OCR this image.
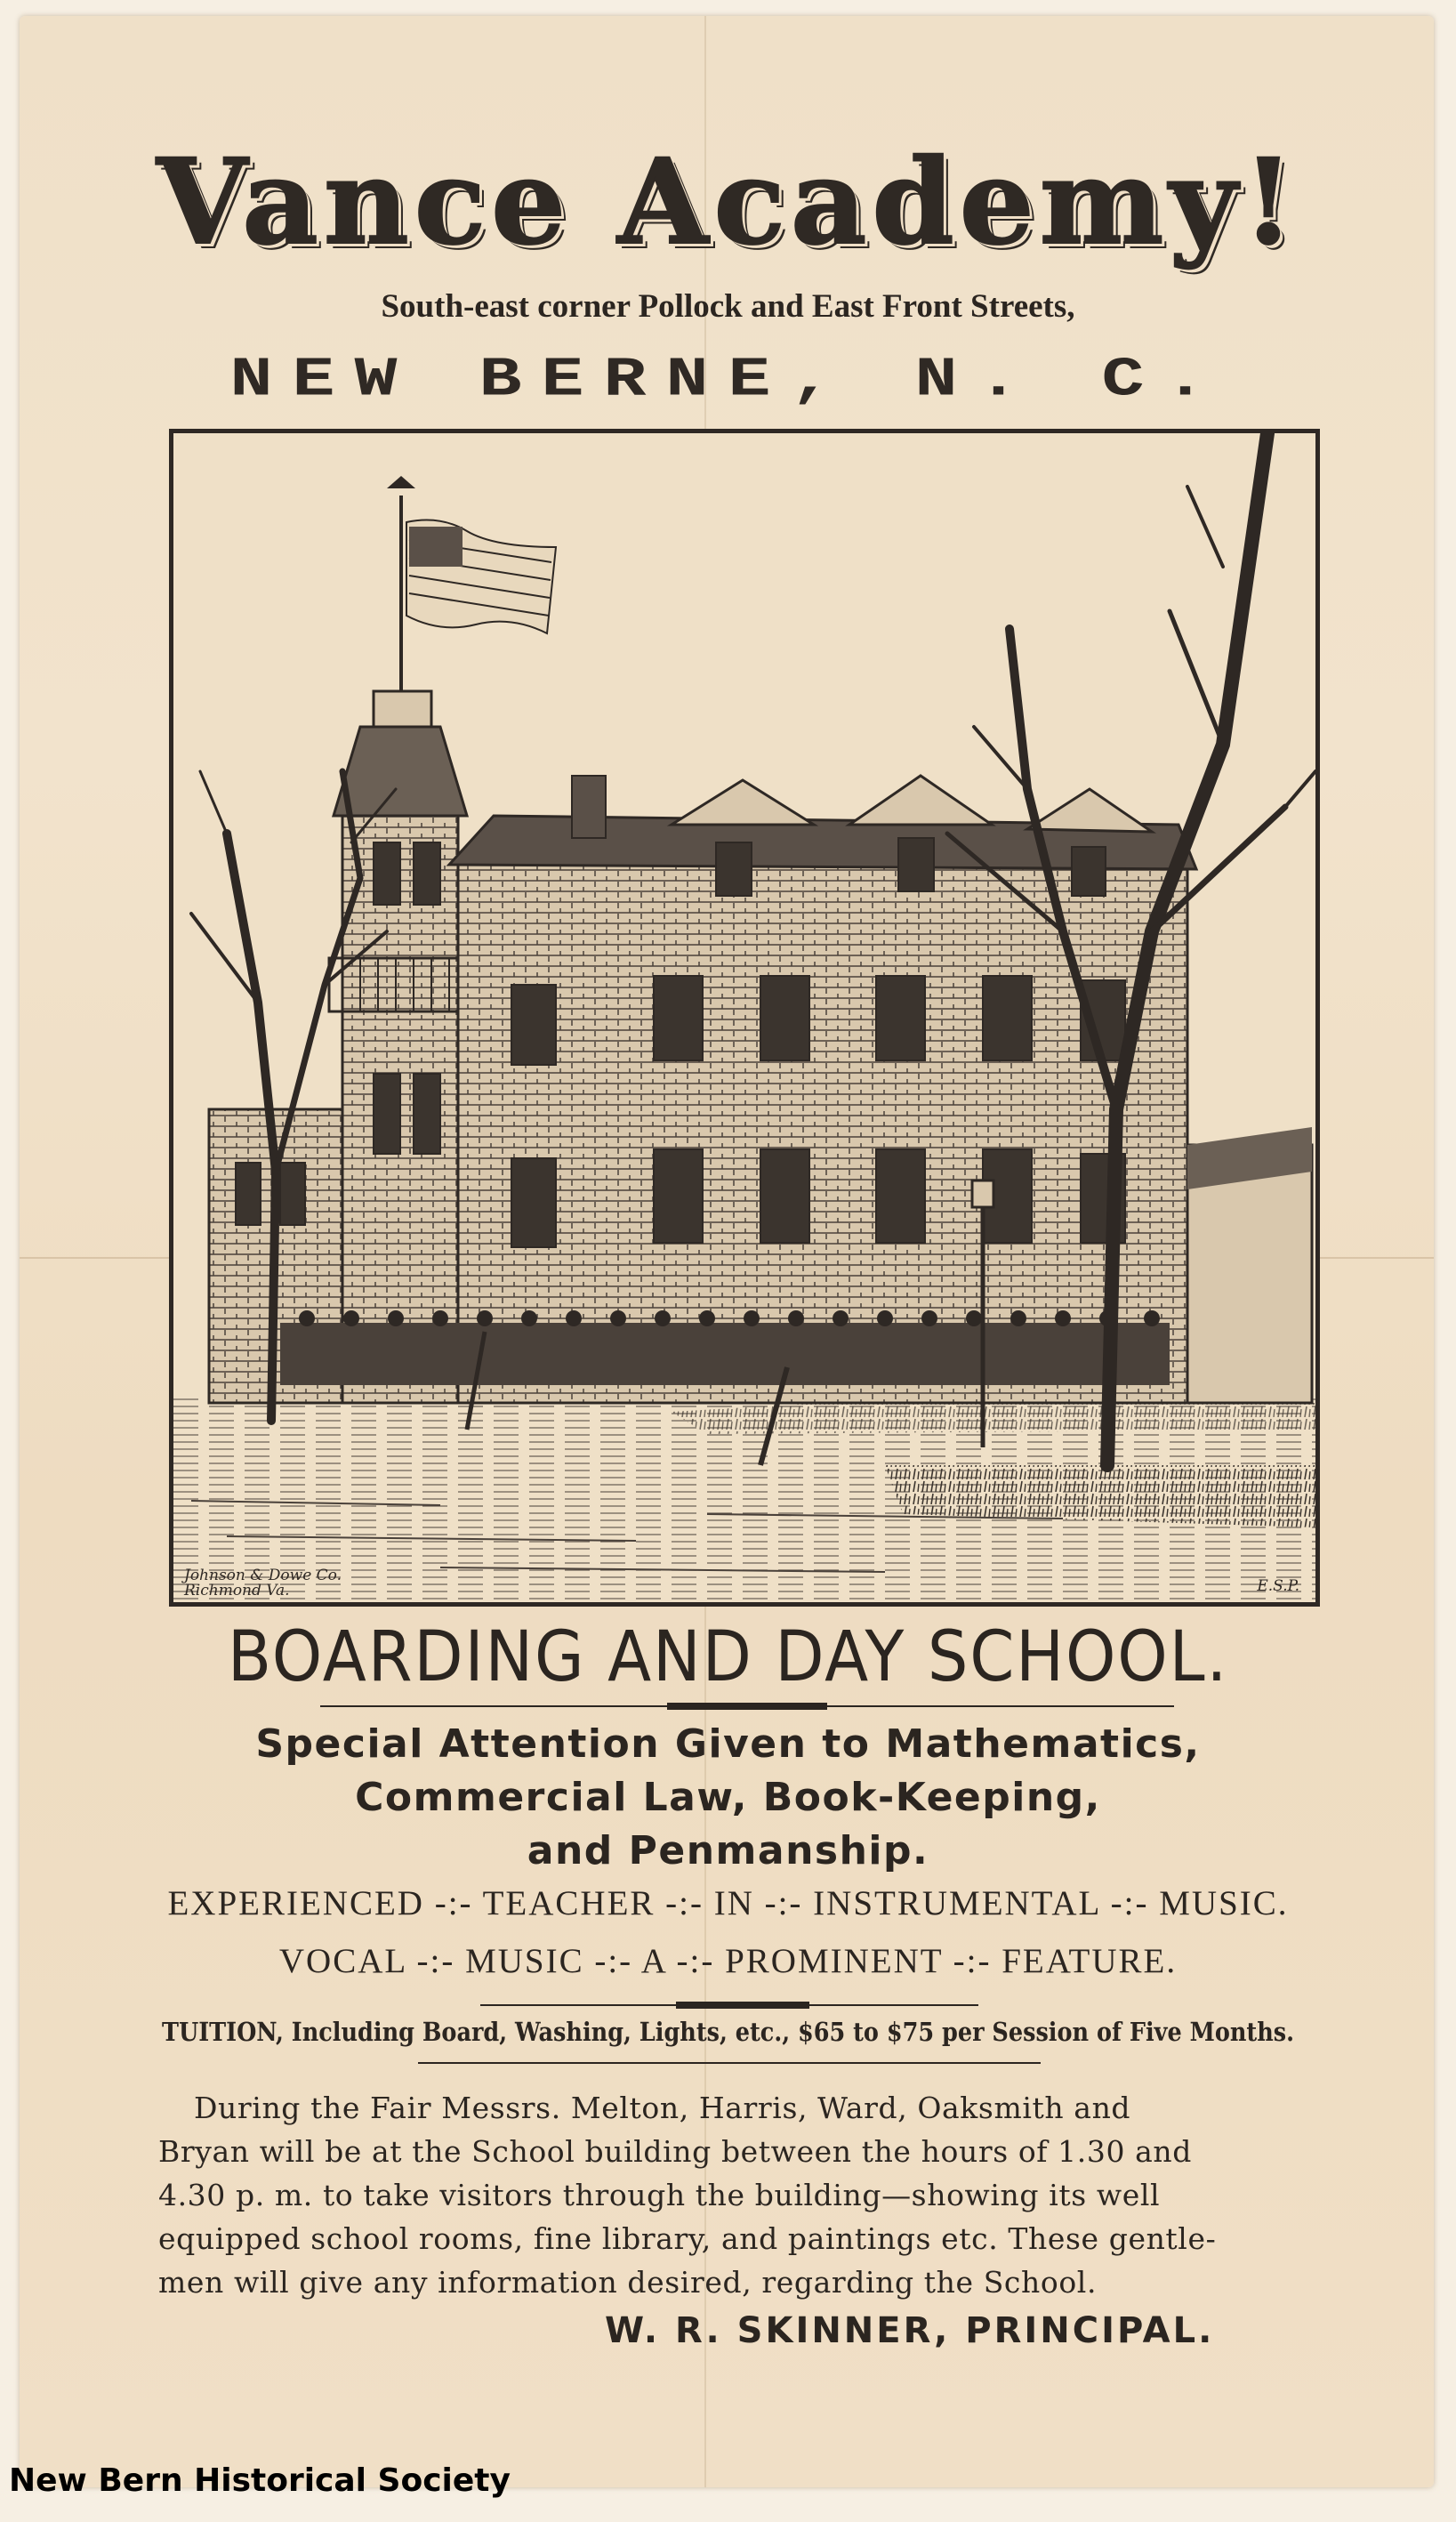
Vance Academy!
South-east corner Pollock and East Front Streets,
NEW BERNE, N. C.
Johnson & Dowe Co. Richmond Va.	E.S.P.
BOARDING AND DAY SCHOOL.
Special Attention Given to Mathematics,
Commercial Law, Book-Keeping,
and Penmanship.
EXPERIENCED -:- TEACHER -:- IN -:- INSTRUMENTAL -:- MUSIC.
VOCAL -:- MUSIC -:- A -:- PROMINENT -:- FEATURE.
TUITION, Including Board, Washing, Lights, etc., $65 to $75 per Session of Five Months.
During the Fair Messrs. Melton, Harris, Ward, Oaksmith and
Bryan will be at the School building between the hours of 1.30 and
4.30 p. m. to take visitors through the building—showing its well
equipped school rooms, fine library, and paintings etc. These gentle-
men will give any information desired, regarding the School.
W. R. SKINNER, PRINCIPAL.
New Bern Historical Society
